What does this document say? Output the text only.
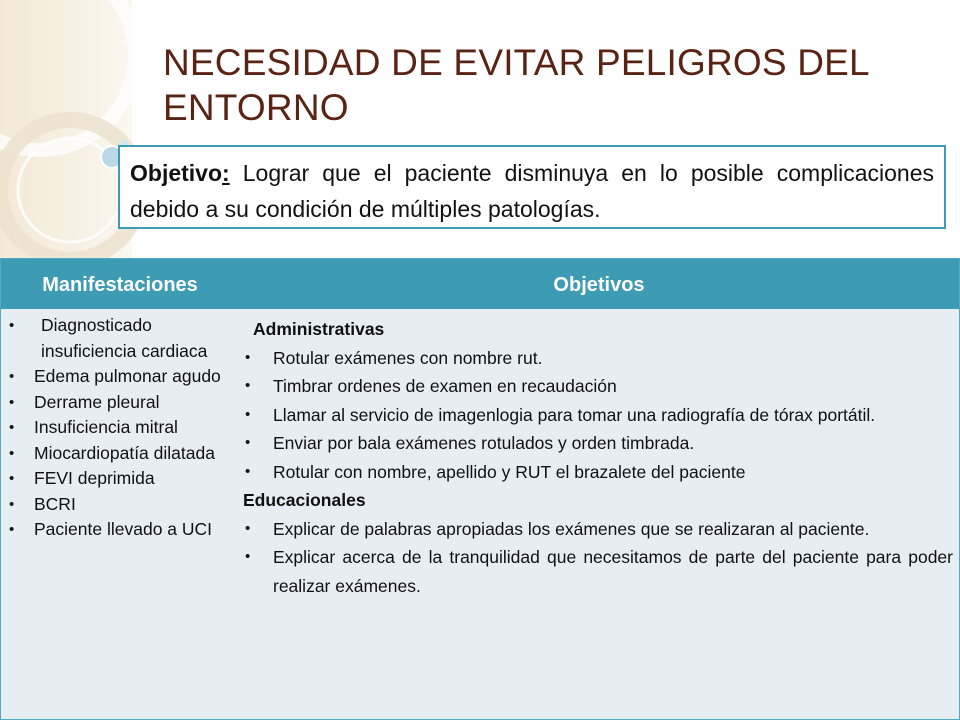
NECESIDAD DE EVITAR PELIGROS DEL ENTORNO
Objetivo: Lograr que el paciente disminuya en lo posible complicaciones debido a su condición de múltiples patologías.
Manifestaciones	Objetivos
• Diagnosticado insuficiencia cardiaca
• Edema pulmonar agudo
• Derrame pleural
• Insuficiencia mitral
• Miocardiopatía dilatada
• FEVI deprimida
• BCRI
• Paciente llevado a UCI
Administrativas
• Rotular exámenes con nombre rut.
• Timbrar ordenes de examen en recaudación
• Llamar al servicio de imagenlogia para tomar una radiografía de tórax portátil.
• Enviar por bala exámenes rotulados y orden timbrada.
• Rotular con nombre, apellido y RUT el brazalete del paciente
Educacionales
• Explicar de palabras apropiadas los exámenes que se realizaran al paciente.
• Explicar acerca de la tranquilidad que necesitamos de parte del paciente para poder realizar exámenes.
